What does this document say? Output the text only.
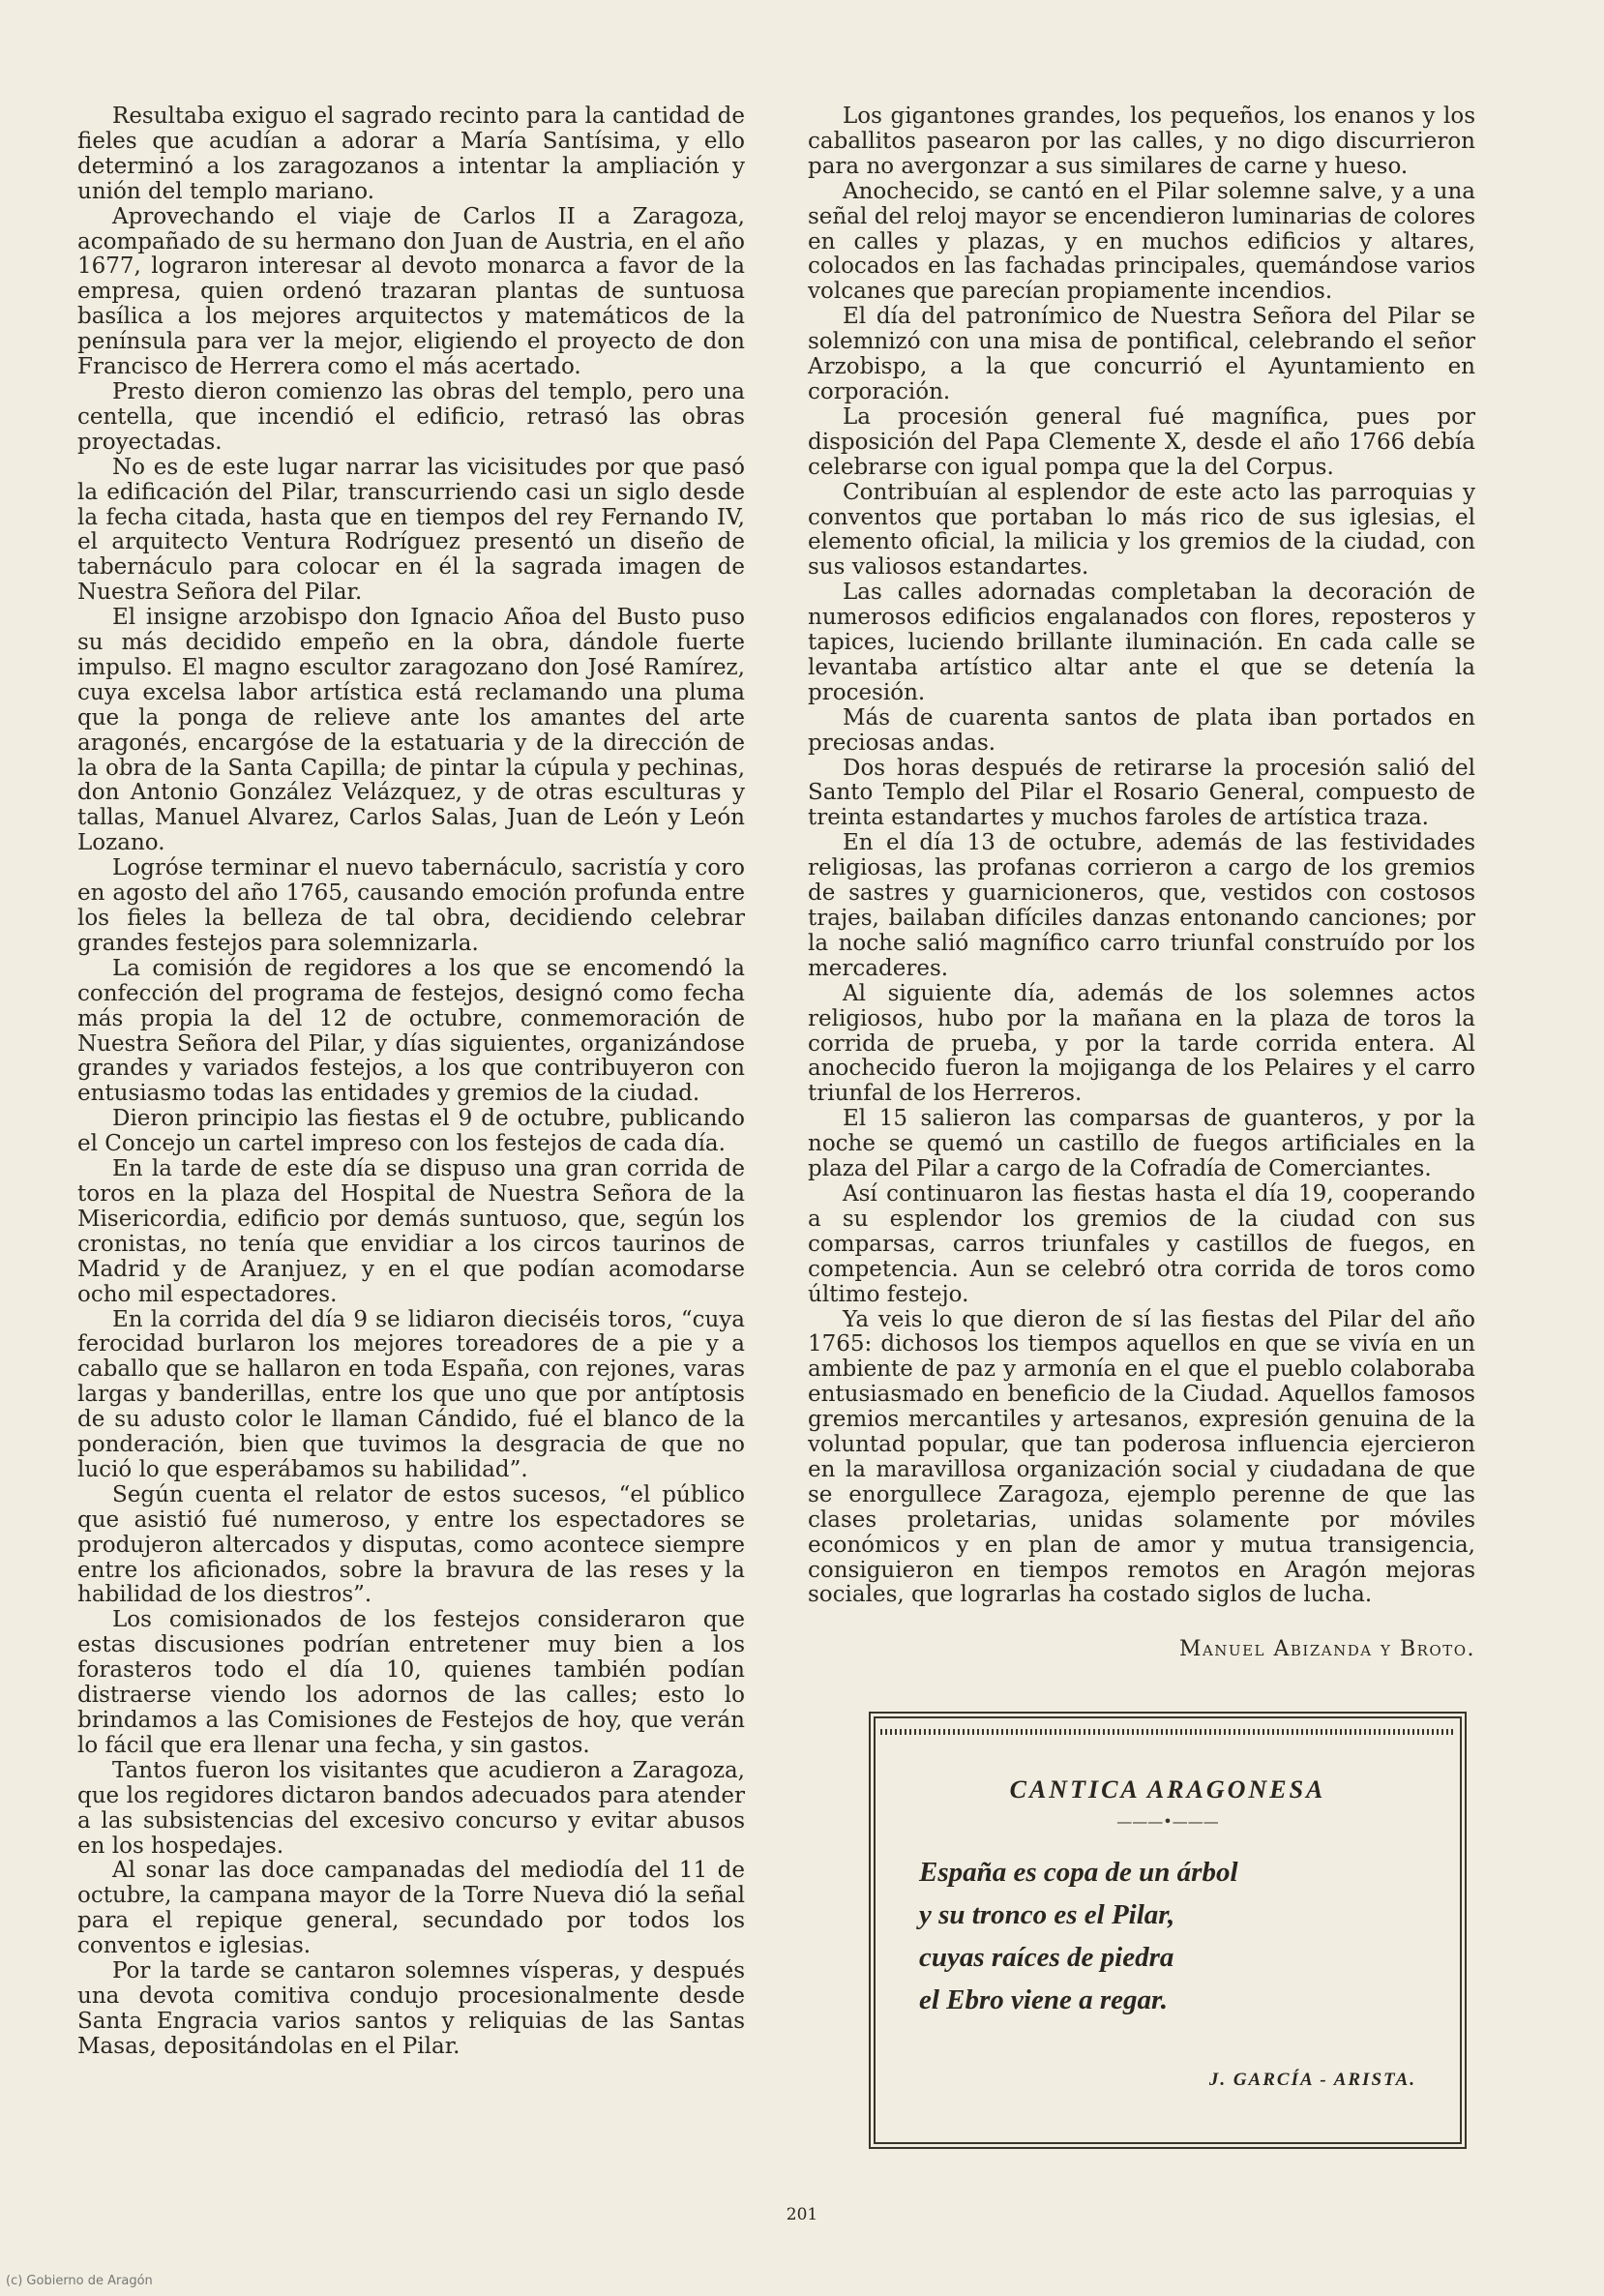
Resultaba exiguo el sagrado recinto para la cantidad de fieles que acudían a adorar a María Santísima, y ello determinó a los zaragozanos a intentar la ampliación y unión del templo mariano.

Aprovechando el viaje de Carlos II a Zaragoza, acompañado de su hermano don Juan de Austria, en el año 1677, lograron interesar al devoto monarca a favor de la empresa, quien ordenó trazaran plantas de suntuosa basílica a los mejores arquitectos y matemáticos de la península para ver la mejor, eligiendo el proyecto de don Francisco de Herrera como el más acertado.

Presto dieron comienzo las obras del templo, pero una centella, que incendió el edificio, retrasó las obras proyectadas.

No es de este lugar narrar las vicisitudes por que pasó la edificación del Pilar, transcurriendo casi un siglo desde la fecha citada, hasta que en tiempos del rey Fernando IV, el arquitecto Ventura Rodríguez presentó un diseño de tabernáculo para colocar en él la sagrada imagen de Nuestra Señora del Pilar.

El insigne arzobispo don Ignacio Añoa del Busto puso su más decidido empeño en la obra, dándole fuerte impulso. El magno escultor zaragozano don José Ramírez, cuya excelsa labor artística está reclamando una pluma que la ponga de relieve ante los amantes del arte aragonés, encargóse de la estatuaria y de la dirección de la obra de la Santa Capilla; de pintar la cúpula y pechinas, don Antonio González Velázquez, y de otras esculturas y tallas, Manuel Alvarez, Carlos Salas, Juan de León y León Lozano.

Logróse terminar el nuevo tabernáculo, sacristía y coro en agosto del año 1765, causando emoción profunda entre los fieles la belleza de tal obra, decidiendo celebrar grandes festejos para solemnizarla.

La comisión de regidores a los que se encomendó la confección del programa de festejos, designó como fecha más propia la del 12 de octubre, conmemoración de Nuestra Señora del Pilar, y días siguientes, organizándose grandes y variados festejos, a los que contribuyeron con entusiasmo todas las entidades y gremios de la ciudad.

Dieron principio las fiestas el 9 de octubre, publicando el Concejo un cartel impreso con los festejos de cada día.

En la tarde de este día se dispuso una gran corrida de toros en la plaza del Hospital de Nuestra Señora de la Misericordia, edificio por demás suntuoso, que, según los cronistas, no tenía que envidiar a los circos taurinos de Madrid y de Aranjuez, y en el que podían acomodarse ocho mil espectadores.

En la corrida del día 9 se lidiaron dieciséis toros, “cuya ferocidad burlaron los mejores toreadores de a pie y a caballo que se hallaron en toda España, con rejones, varas largas y banderillas, entre los que uno que por antíptosis de su adusto color le llaman Cándido, fué el blanco de la ponderación, bien que tuvimos la desgracia de que no lució lo que esperábamos su habilidad”.

Según cuenta el relator de estos sucesos, “el público que asistió fué numeroso, y entre los espectadores se produjeron altercados y disputas, como acontece siempre entre los aficionados, sobre la bravura de las reses y la habilidad de los diestros”.

Los comisionados de los festejos consideraron que estas discusiones podrían entretener muy bien a los forasteros todo el día 10, quienes también podían distraerse viendo los adornos de las calles; esto lo brindamos a las Comisiones de Festejos de hoy, que verán lo fácil que era llenar una fecha, y sin gastos.

Tantos fueron los visitantes que acudieron a Zaragoza, que los regidores dictaron bandos adecuados para atender a las subsistencias del excesivo concurso y evitar abusos en los hospedajes.

Al sonar las doce campanadas del mediodía del 11 de octubre, la campana mayor de la Torre Nueva dió la señal para el repique general, secundado por todos los conventos e iglesias.

Por la tarde se cantaron solemnes vísperas, y después una devota comitiva condujo procesionalmente desde Santa Engracia varios santos y reliquias de las Santas Masas, depositándolas en el Pilar.

Los gigantones grandes, los pequeños, los enanos y los caballitos pasearon por las calles, y no digo discurrieron para no avergonzar a sus similares de carne y hueso.

Anochecido, se cantó en el Pilar solemne salve, y a una señal del reloj mayor se encendieron luminarias de colores en calles y plazas, y en muchos edificios y altares, colocados en las fachadas principales, quemándose varios volcanes que parecían propiamente incendios.

El día del patronímico de Nuestra Señora del Pilar se solemnizó con una misa de pontifical, celebrando el señor Arzobispo, a la que concurrió el Ayuntamiento en corporación.

La procesión general fué magnífica, pues por disposición del Papa Clemente X, desde el año 1766 debía celebrarse con igual pompa que la del Corpus.

Contribuían al esplendor de este acto las parroquias y conventos que portaban lo más rico de sus iglesias, el elemento oficial, la milicia y los gremios de la ciudad, con sus valiosos estandartes.

Las calles adornadas completaban la decoración de numerosos edificios engalanados con flores, reposteros y tapices, luciendo brillante iluminación. En cada calle se levantaba artístico altar ante el que se detenía la procesión.

Más de cuarenta santos de plata iban portados en preciosas andas.

Dos horas después de retirarse la procesión salió del Santo Templo del Pilar el Rosario General, compuesto de treinta estandartes y muchos faroles de artística traza.

En el día 13 de octubre, además de las festividades religiosas, las profanas corrieron a cargo de los gremios de sastres y guarnicioneros, que, vestidos con costosos trajes, bailaban difíciles danzas entonando canciones; por la noche salió magnífico carro triunfal construído por los mercaderes.

Al siguiente día, además de los solemnes actos religiosos, hubo por la mañana en la plaza de toros la corrida de prueba, y por la tarde corrida entera. Al anochecido fueron la mojiganga de los Pelaires y el carro triunfal de los Herreros.

El 15 salieron las comparsas de guanteros, y por la noche se quemó un castillo de fuegos artificiales en la plaza del Pilar a cargo de la Cofradía de Comerciantes.

Así continuaron las fiestas hasta el día 19, cooperando a su esplendor los gremios de la ciudad con sus comparsas, carros triunfales y castillos de fuegos, en competencia. Aun se celebró otra corrida de toros como último festejo.

Ya veis lo que dieron de sí las fiestas del Pilar del año 1765: dichosos los tiempos aquellos en que se vivía en un ambiente de paz y armonía en el que el pueblo colaboraba entusiasmado en beneficio de la Ciudad. Aquellos famosos gremios mercantiles y artesanos, expresión genuina de la voluntad popular, que tan poderosa influencia ejercieron en la maravillosa organización social y ciudadana de que se enorgullece Zaragoza, ejemplo perenne de que las clases proletarias, unidas solamente por móviles económicos y en plan de amor y mutua transigencia, consiguieron en tiempos remotos en Aragón mejoras sociales, que lograrlas ha costado siglos de lucha.

Manuel Abizanda y Broto.
CANTICA ARAGONESA
———•———
España es copa de un árbol
y su tronco es el Pilar,
cuyas raíces de piedra
el Ebro viene a regar.
J. GARCÍA - ARISTA.
201
(c) Gobierno de Aragón
